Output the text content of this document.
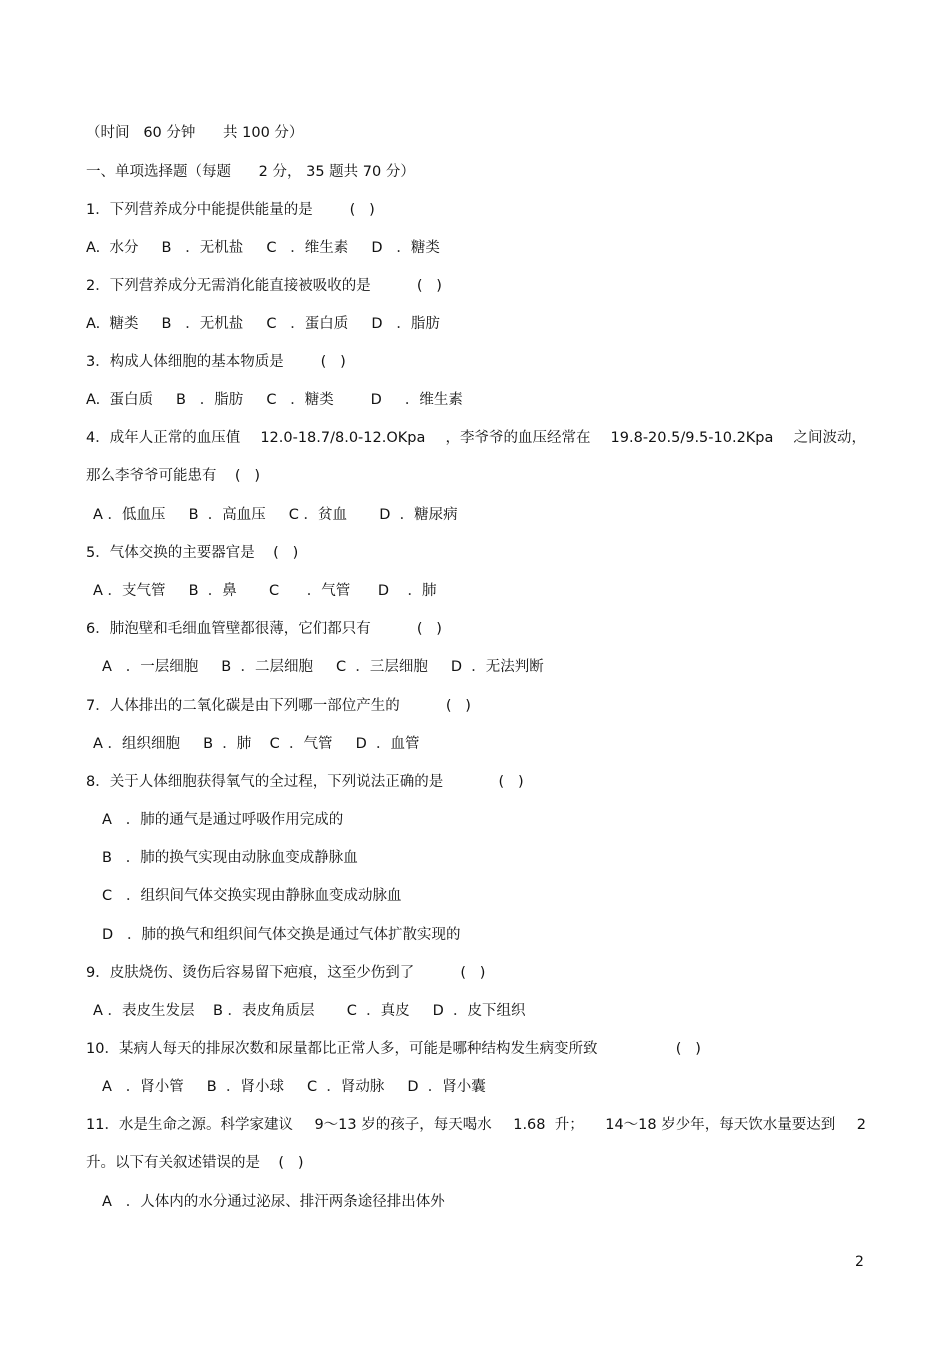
（时间   60 分钟      共 100 分）
一、单项选择题（每题      2 分， 35 题共 70 分）
1．下列营养成分中能提供能量的是        (   )
A.  水分     B   ．无机盐     C   ．维生素     D   ．糖类
2．下列营养成分无需消化能直接被吸收的是          (   )
A.  糖类     B   ．无机盐     C   ．蛋白质     D   ．脂肪
3．构成人体细胞的基本物质是        (   )
A.  蛋白质     B   ．脂肪     C   ．糖类        D     ．维生素
4．成年人正常的血压值 12.0-18.7/8.0-12.OKpa ，李爷爷的血压经常在 19.8-20.5/9.5-10.2Kpa 之间波动，
那么李爷爷可能患有    (   )
A ．低血压     B  ．高血压     C ．贫血       D  ．糖尿病
5．气体交换的主要器官是    (   )
A ．支气管     B  ．鼻       C      ．气管      D    ．肺
6．肺泡壁和毛细血管壁都很薄，它们都只有          (   )
A   ．一层细胞     B  ．二层细胞     C  ．三层细胞     D  ．无法判断
7．人体排出的二氧化碳是由下列哪一部位产生的          (   )
A ．组织细胞     B  ．肺    C  ．气管     D  ．血管
8．关于人体细胞获得氧气的全过程，下列说法正确的是            (   )
A   ．肺的通气是通过呼吸作用完成的
B   ．肺的换气实现由动脉血变成静脉血
C   ．组织间气体交换实现由静脉血变成动脉血
D   ．肺的换气和组织间气体交换是通过气体扩散实现的
9．皮肤烧伤、烫伤后容易留下疤痕，这至少伤到了          (   )
A ．表皮生发层    B ．表皮角质层       C  ．真皮     D  ．皮下组织
10．某病人每天的排尿次数和尿量都比正常人多，可能是哪种结构发生病变所致                 (   )
A   ．肾小管     B  ．肾小球     C  ．肾动脉     D  ．肾小囊
11．水是生命之源。科学家建议 9～13 岁的孩子，每天喝水 1.68  升； 14～18 岁少年，每天饮水量要达到 2
升。以下有关叙述错误的是    (   )
A   ．人体内的水分通过泌尿、排汗两条途径排出体外
2
